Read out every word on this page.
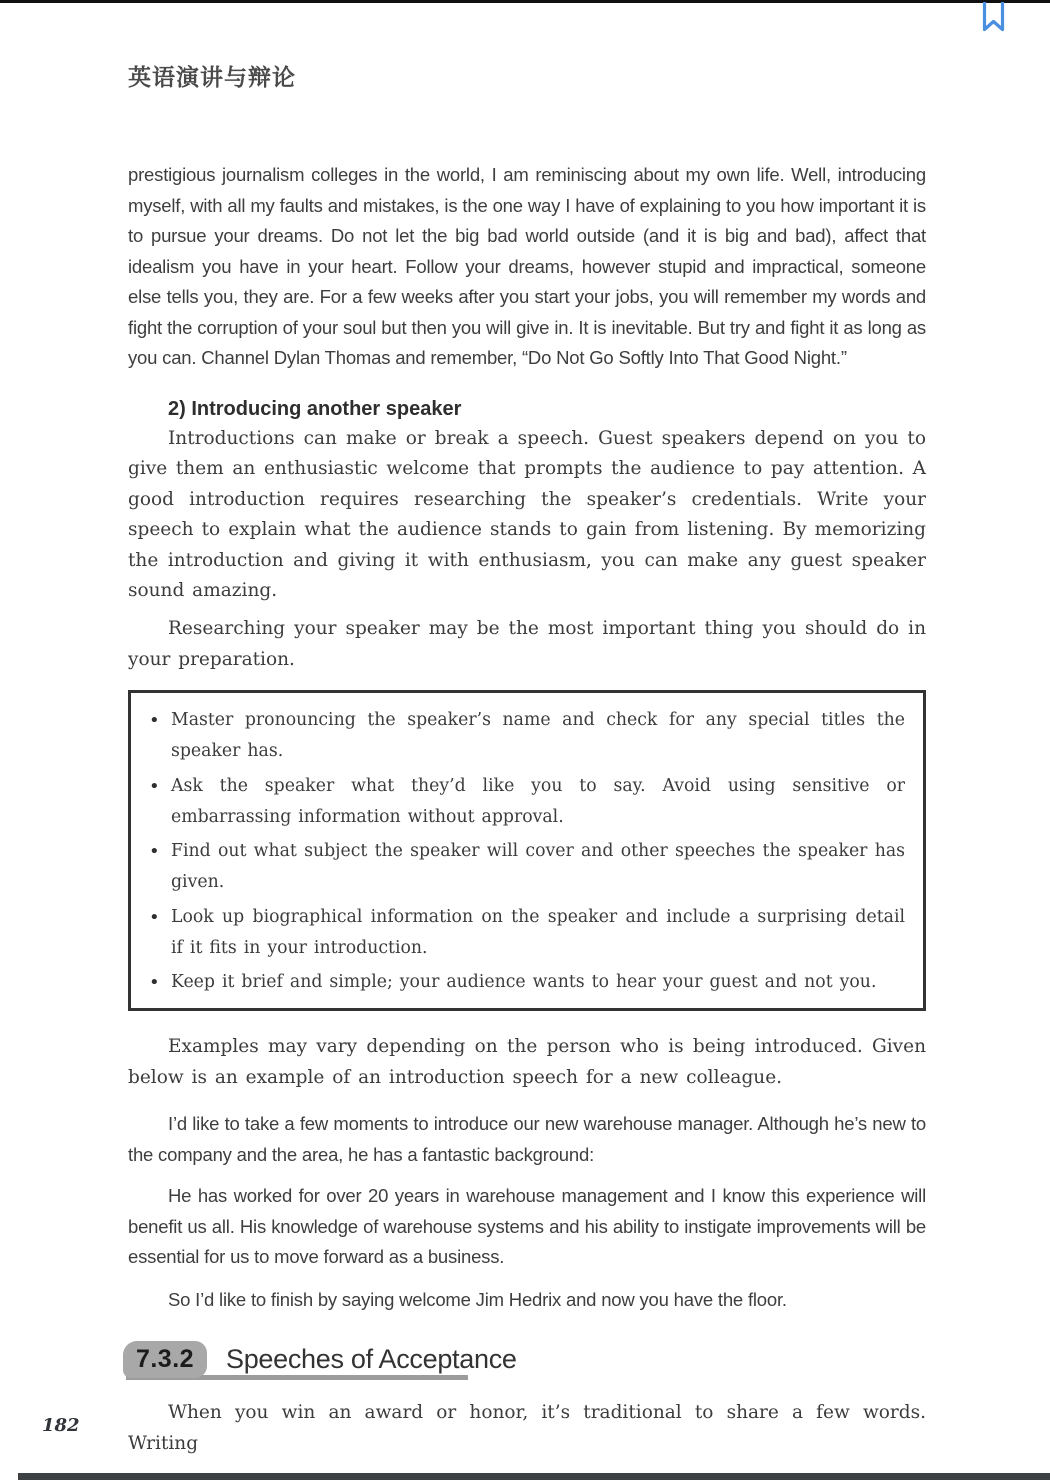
英语演讲与辩论

prestigious journalism colleges in the world, I am reminiscing about my own life. Well, introducing myself, with all my faults and mistakes, is the one way I have of explaining to you how important it is to pursue your dreams. Do not let the big bad world outside (and it is big and bad), affect that idealism you have in your heart. Follow your dreams, however stupid and impractical, someone else tells you, they are. For a few weeks after you start your jobs, you will remember my words and fight the corruption of your soul but then you will give in. It is inevitable. But try and fight it as long as you can. Channel Dylan Thomas and remember, “Do Not Go Softly Into That Good Night.”

2) Introducing another speaker

Introductions can make or break a speech. Guest speakers depend on you to give them an enthusiastic welcome that prompts the audience to pay attention. A good introduction requires researching the speaker’s credentials. Write your speech to explain what the audience stands to gain from listening. By memorizing the introduction and giving it with enthusiasm, you can make any guest speaker sound amazing.

Researching your speaker may be the most important thing you should do in your preparation.

• Master pronouncing the speaker’s name and check for any special titles the speaker has.
• Ask the speaker what they’d like you to say. Avoid using sensitive or embarrassing information without approval.
• Find out what subject the speaker will cover and other speeches the speaker has given.
• Look up biographical information on the speaker and include a surprising detail if it fits in your introduction.
• Keep it brief and simple; your audience wants to hear your guest and not you.

Examples may vary depending on the person who is being introduced. Given below is an example of an introduction speech for a new colleague.

I’d like to take a few moments to introduce our new warehouse manager. Although he’s new to the company and the area, he has a fantastic background:

He has worked for over 20 years in warehouse management and I know this experience will benefit us all. His knowledge of warehouse systems and his ability to instigate improvements will be essential for us to move forward as a business.

So I’d like to finish by saying welcome Jim Hedrix and now you have the floor.

7.3.2	Speeches of Acceptance

When you win an award or honor, it’s traditional to share a few words. Writing

182
